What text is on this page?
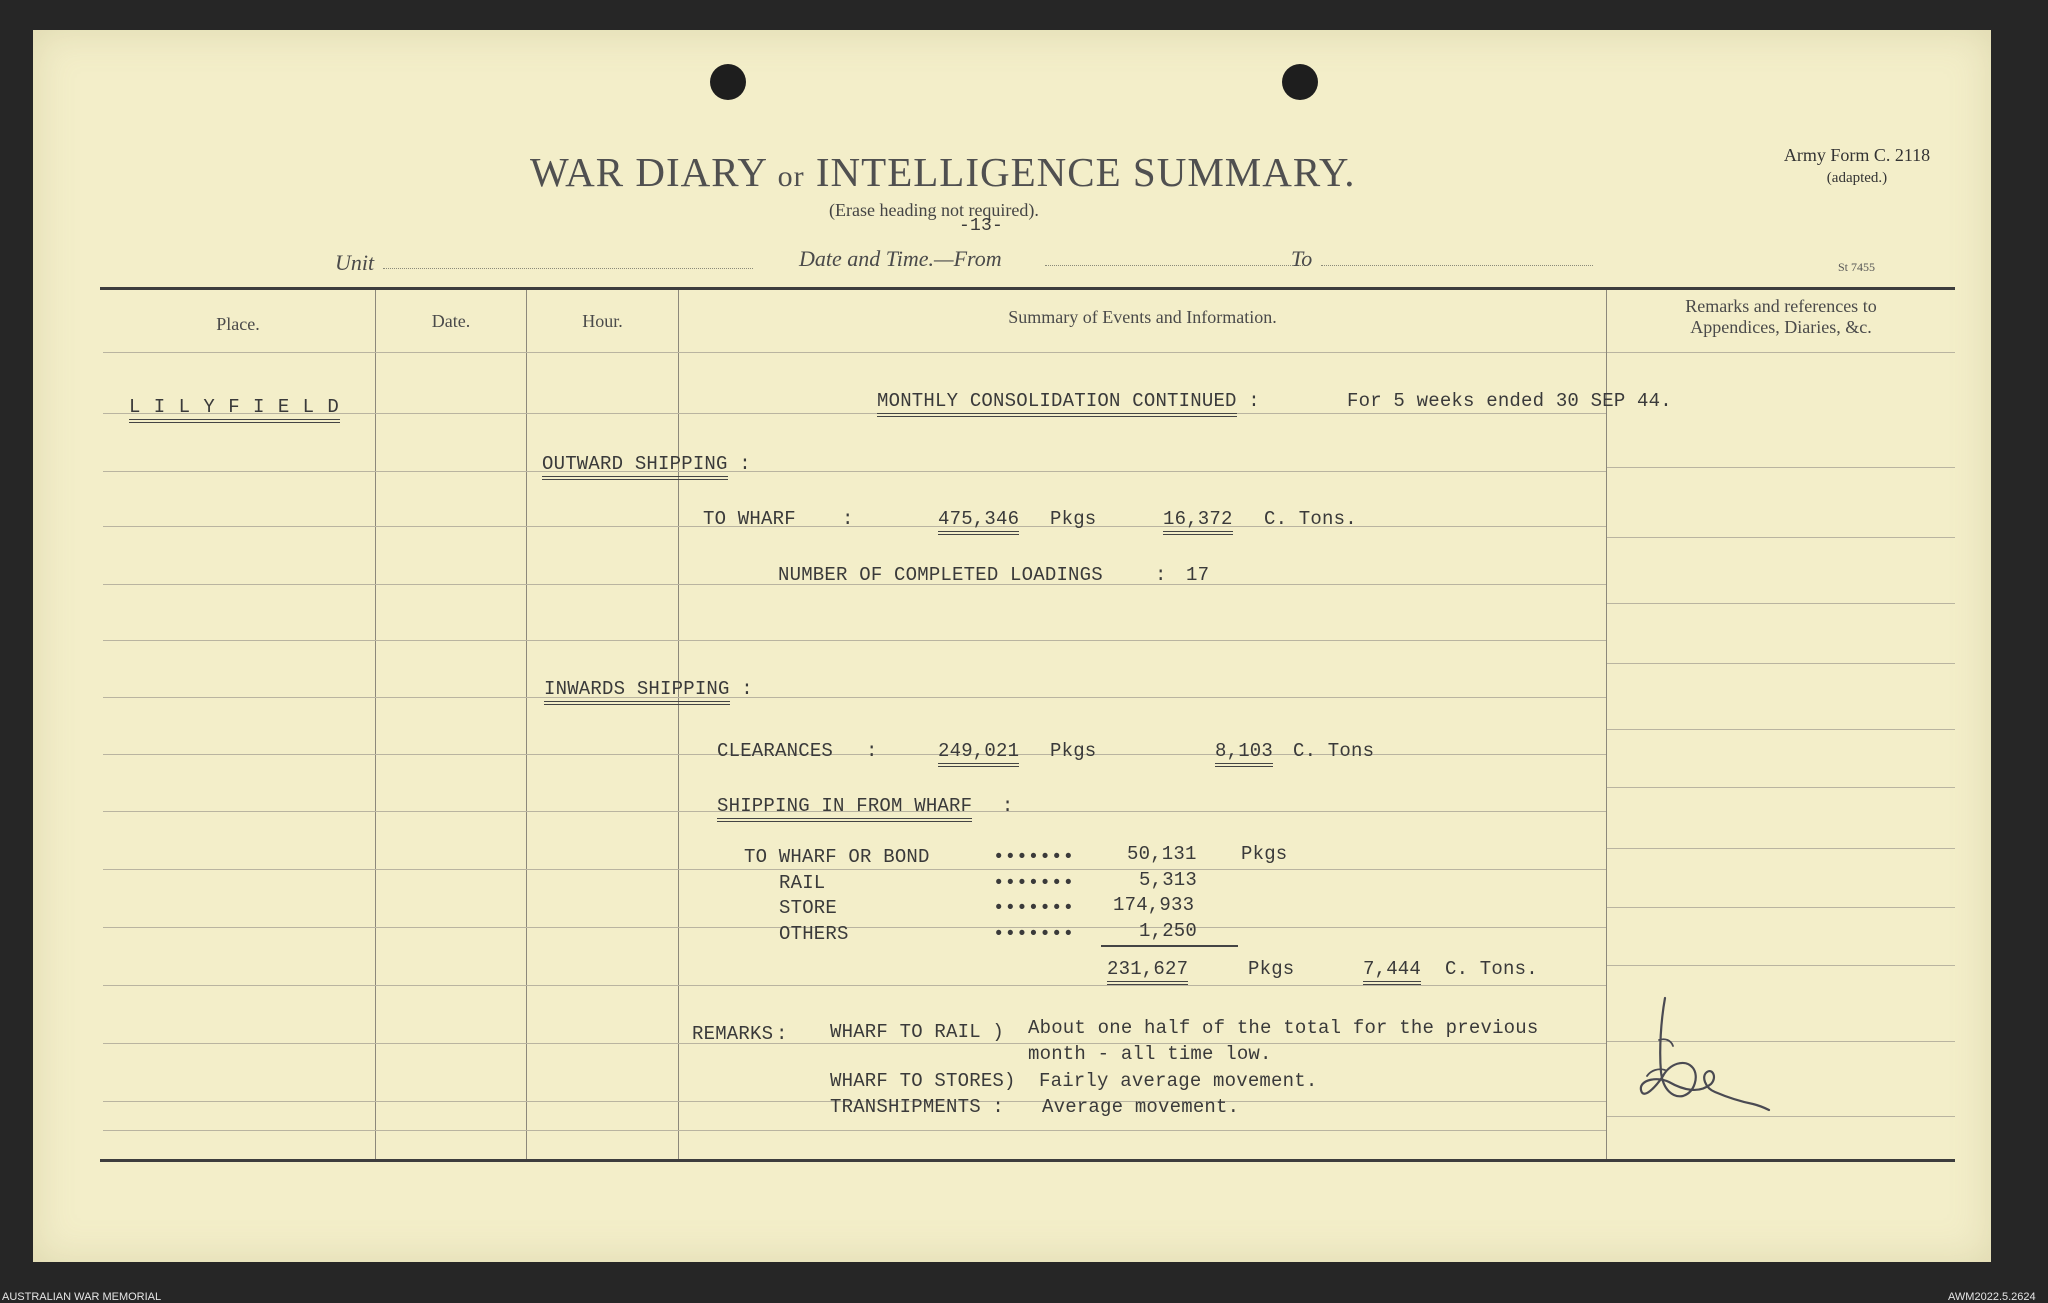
WAR DIARY or INTELLIGENCE SUMMARY.
(Erase heading not required).
-13-
Army Form C. 2118
(adapted.)
Unit	Date and Time.—From	To	St 7455
Place.	Date.	Hour.	Summary of Events and Information.
Remarks and references to
Appendices, Diaries, &c.
L I L Y F I E L D	MONTHLY CONSOLIDATION CONTINUED :	For 5 weeks ended 30 SEP 44.
OUTWARD SHIPPING :
TO WHARF :	475,346 Pkgs	16,372 C. Tons.
NUMBER OF COMPLETED LOADINGS	: 17
INWARDS SHIPPING :
CLEARANCES :	249,021 Pkgs	8,103 C. Tons
SHIPPING IN FROM WHARF :
TO WHARF OR BOND	•••••••	50,131 Pkgs
RAIL	•••••••	5,313
STORE	••••••• 174,933
OTHERS	•••••••	1,250
231,627	Pkgs	7,444 C. Tons.
REMARKS : WHARF TO RAIL ) About one half of the total for the previous
month - all time low.
WHARF TO STORES) Fairly average movement.
TRANSHIPMENTS : Average movement.
AUSTRALIAN WAR MEMORIAL	AWM2022.5.2624
